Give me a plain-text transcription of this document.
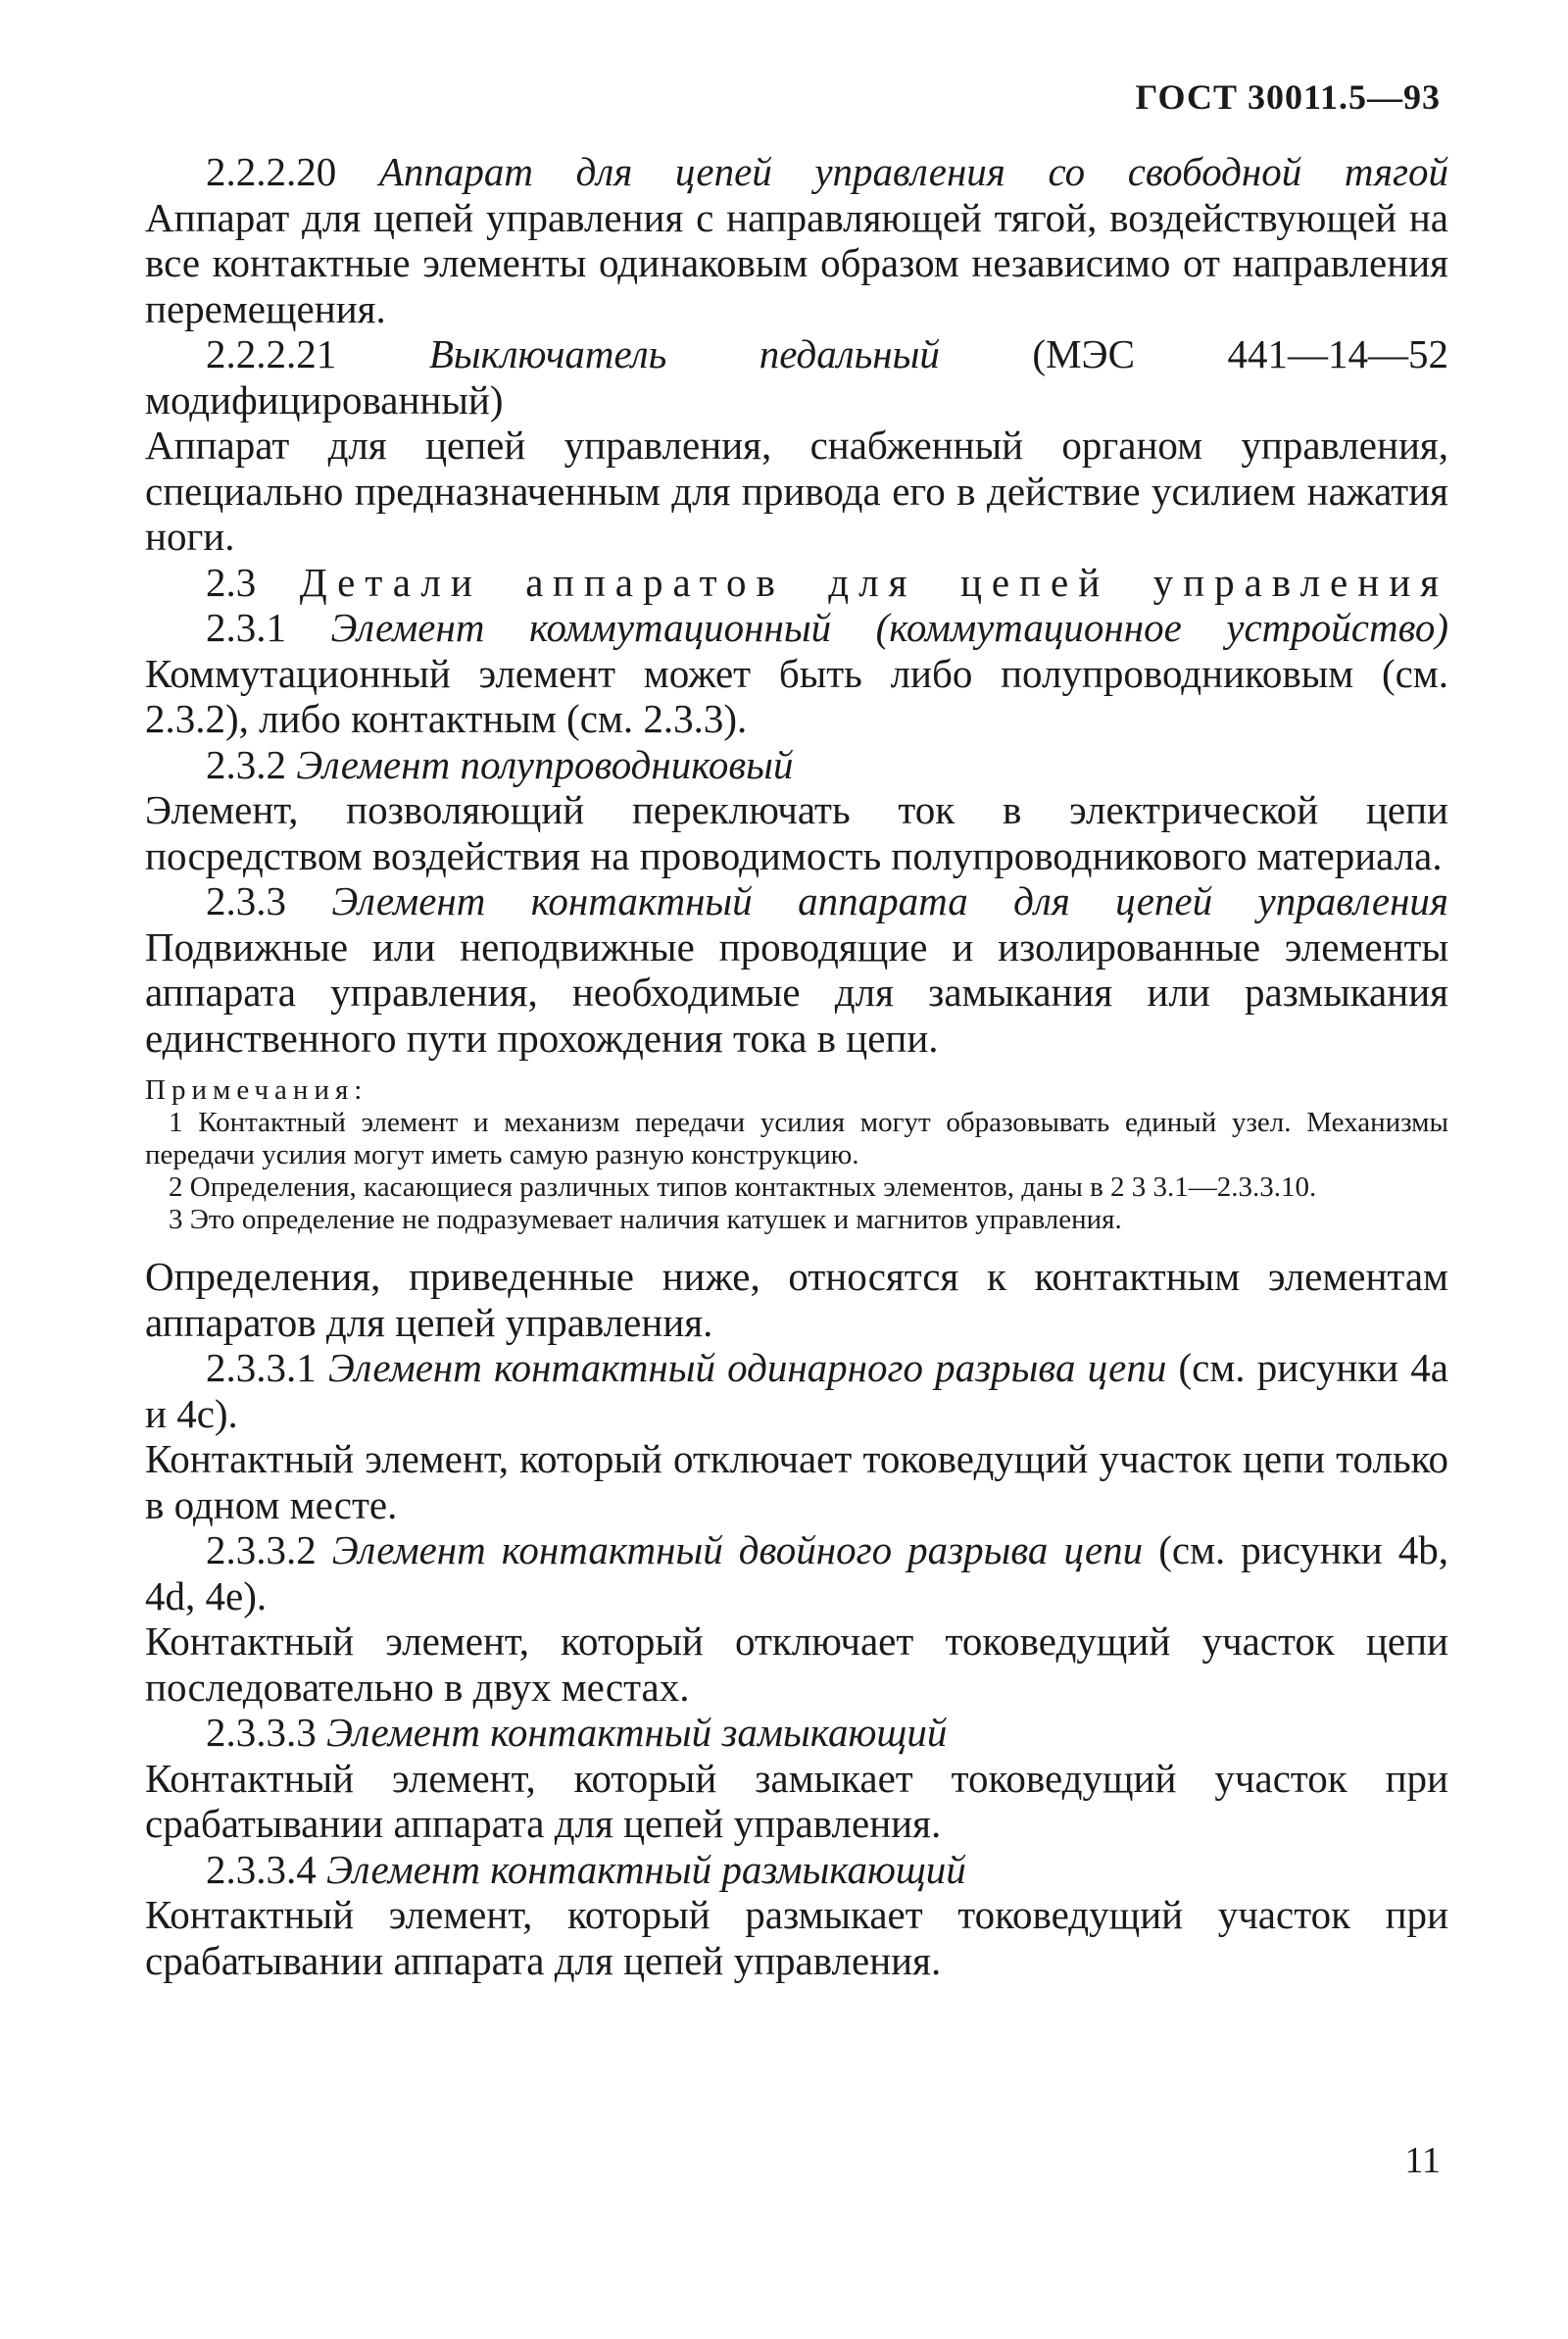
ГОСТ 30011.5—93

2.2.2.20 Аппарат для цепей управления со свободной тягой

Аппарат для цепей управления с направляющей тягой, воздействующей на все контактные элементы одинаковым образом независимо от направления перемещения.

2.2.2.21 Выключатель педальный (МЭС 441—14—52 модифицированный)

Аппарат для цепей управления, снабженный органом управления, специально предназначенным для привода его в действие усилием нажатия ноги.

2.3 Детали аппаратов для цепей управления

2.3.1 Элемент коммутационный (коммутационное устройство)

Коммутационный элемент может быть либо полупроводниковым (см. 2.3.2), либо контактным (см. 2.3.3).

2.3.2 Элемент полупроводниковый

Элемент, позволяющий переключать ток в электрической цепи посредством воздействия на проводимость полупроводникового материала.

2.3.3 Элемент контактный аппарата для цепей управления

Подвижные или неподвижные проводящие и изолированные элементы аппарата управления, необходимые для замыкания или размыкания единственного пути прохождения тока в цепи.

Примечания:

1 Контактный элемент и механизм передачи усилия могут образовывать единый узел. Механизмы передачи усилия могут иметь самую разную конструкцию.

2 Определения, касающиеся различных типов контактных элементов, даны в 2 3 3.1—2.3.3.10.

3 Это определение не подразумевает наличия катушек и магнитов управления.

Определения, приведенные ниже, относятся к контактным элементам аппаратов для цепей управления.

2.3.3.1 Элемент контактный одинарного разрыва цепи (см. рисунки 4а и 4с).

Контактный элемент, который отключает токоведущий участок цепи только в одном месте.

2.3.3.2 Элемент контактный двойного разрыва цепи (см. рисунки 4b, 4d, 4е).

Контактный элемент, который отключает токоведущий участок цепи последовательно в двух местах.

2.3.3.3 Элемент контактный замыкающий

Контактный элемент, который замыкает токоведущий участок при срабатывании аппарата для цепей управления.

2.3.3.4 Элемент контактный размыкающий

Контактный элемент, который размыкает токоведущий участок при срабатывании аппарата для цепей управления.

11
